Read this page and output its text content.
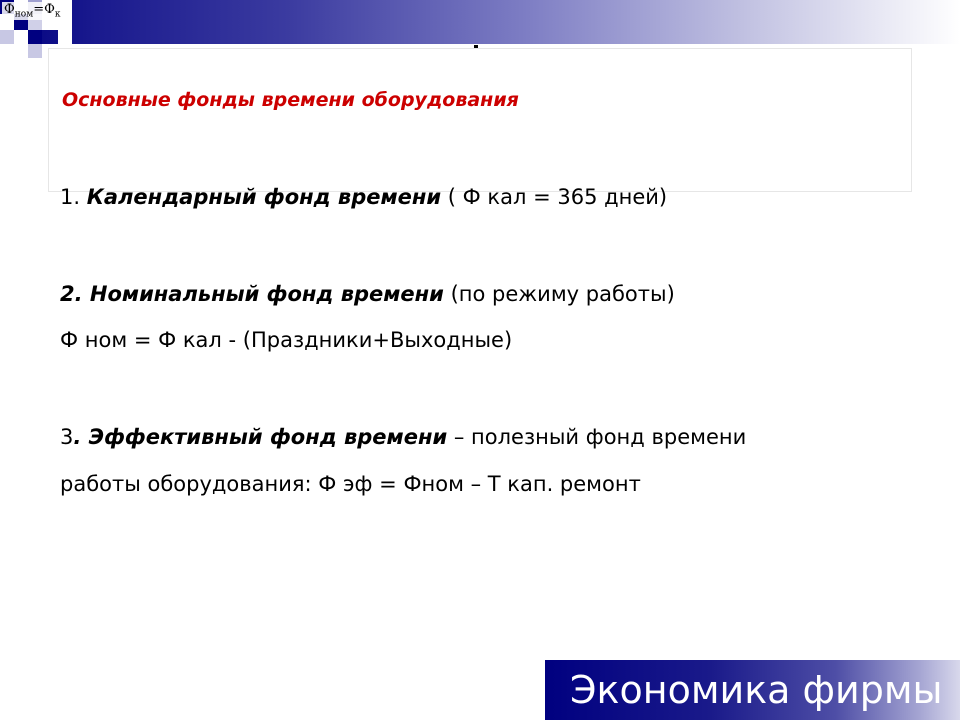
$Ф_{ном}=Ф_к$
Основные фонды времени оборудования
1. Календарный фонд времени ( Ф кал = 365 дней)
2. Номинальный фонд времени (по режиму работы)
Ф ном = Ф кал - (Праздники+Выходные)
3. Эффективный фонд времени – полезный фонд времени
работы оборудования: Ф эф = Фном – Т кап. ремонт
Экономика фирмы
